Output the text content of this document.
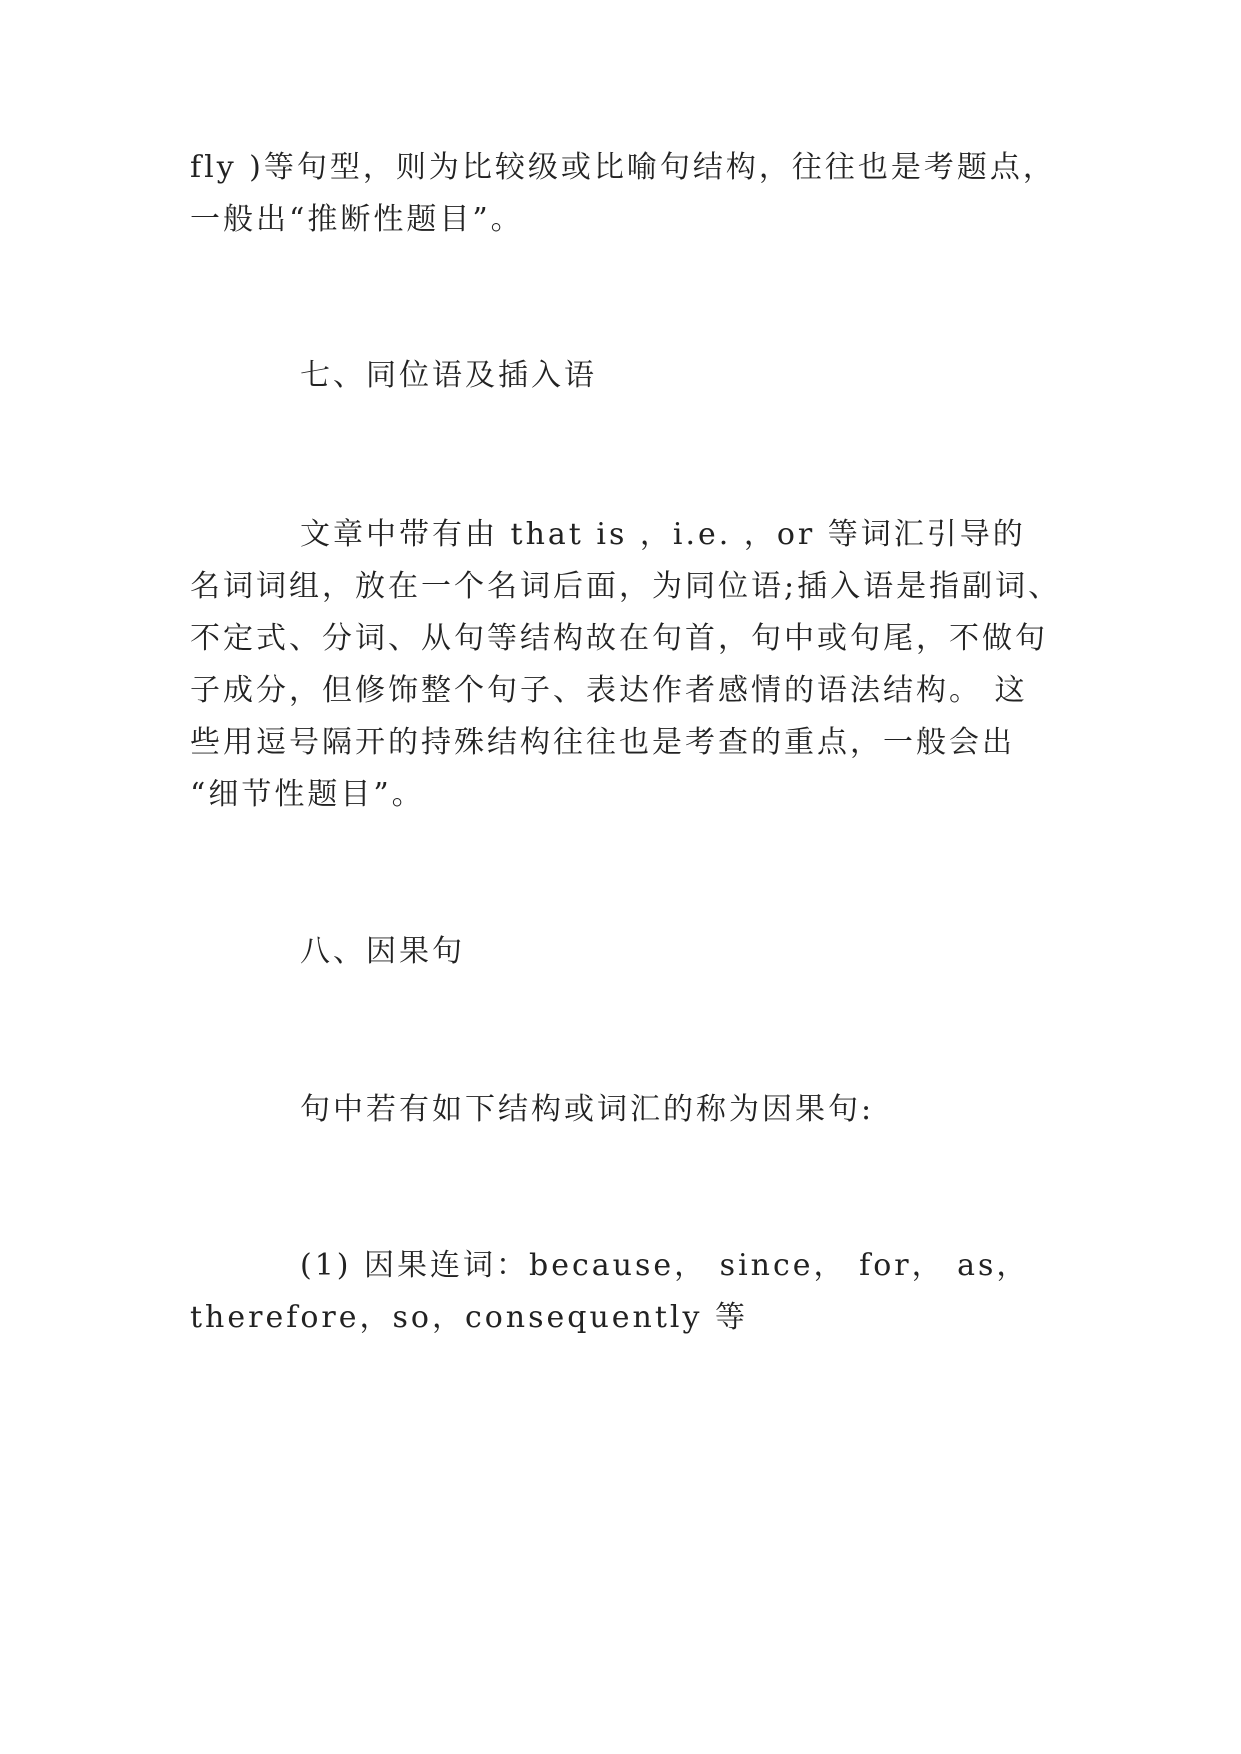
fly )等句型，则为比较级或比喻句结构，往往也是考题点，
一般出“推断性题目”。
七、同位语及插入语
文章中带有由 that is ，i.e. ，or 等词汇引导的
名词词组，放在一个名词后面，为同位语;插入语是指副词、
不定式、分词、从句等结构故在句首，句中或句尾，不做句
子成分，但修饰整个句子、表达作者感情的语法结构。 这
些用逗号隔开的持殊结构往往也是考查的重点，一般会出
“细节性题目”。
八、因果句
句中若有如下结构或词汇的称为因果句:
(1) 因果连词：because， since， for， as，
therefore，so，consequently 等
